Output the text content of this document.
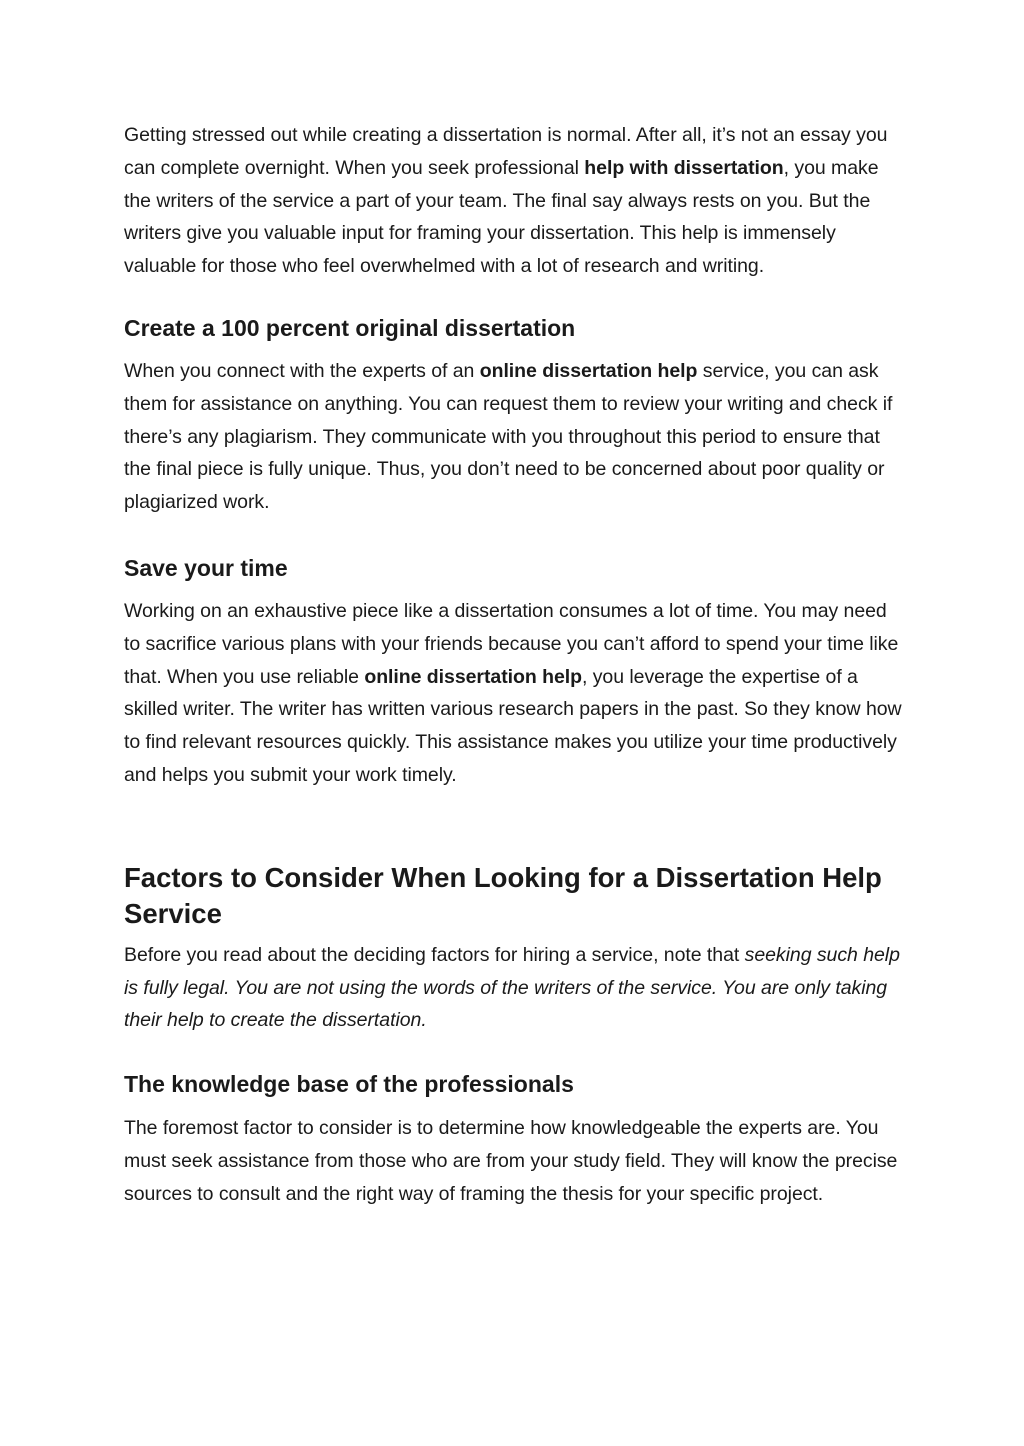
Getting stressed out while creating a dissertation is normal. After all, it’s not an essay you can complete overnight. When you seek professional help with dissertation, you make the writers of the service a part of your team. The final say always rests on you. But the writers give you valuable input for framing your dissertation. This help is immensely valuable for those who feel overwhelmed with a lot of research and writing.

Create a 100 percent original dissertation

When you connect with the experts of an online dissertation help service, you can ask them for assistance on anything. You can request them to review your writing and check if there’s any plagiarism. They communicate with you throughout this period to ensure that the final piece is fully unique. Thus, you don’t need to be concerned about poor quality or plagiarized work.

Save your time

Working on an exhaustive piece like a dissertation consumes a lot of time. You may need to sacrifice various plans with your friends because you can’t afford to spend your time like that. When you use reliable online dissertation help, you leverage the expertise of a skilled writer. The writer has written various research papers in the past. So they know how to find relevant resources quickly. This assistance makes you utilize your time productively and helps you submit your work timely.

Factors to Consider When Looking for a Dissertation Help Service

Before you read about the deciding factors for hiring a service, note that seeking such help is fully legal. You are not using the words of the writers of the service. You are only taking their help to create the dissertation.

The knowledge base of the professionals

The foremost factor to consider is to determine how knowledgeable the experts are. You must seek assistance from those who are from your study field. They will know the precise sources to consult and the right way of framing the thesis for your specific project.
